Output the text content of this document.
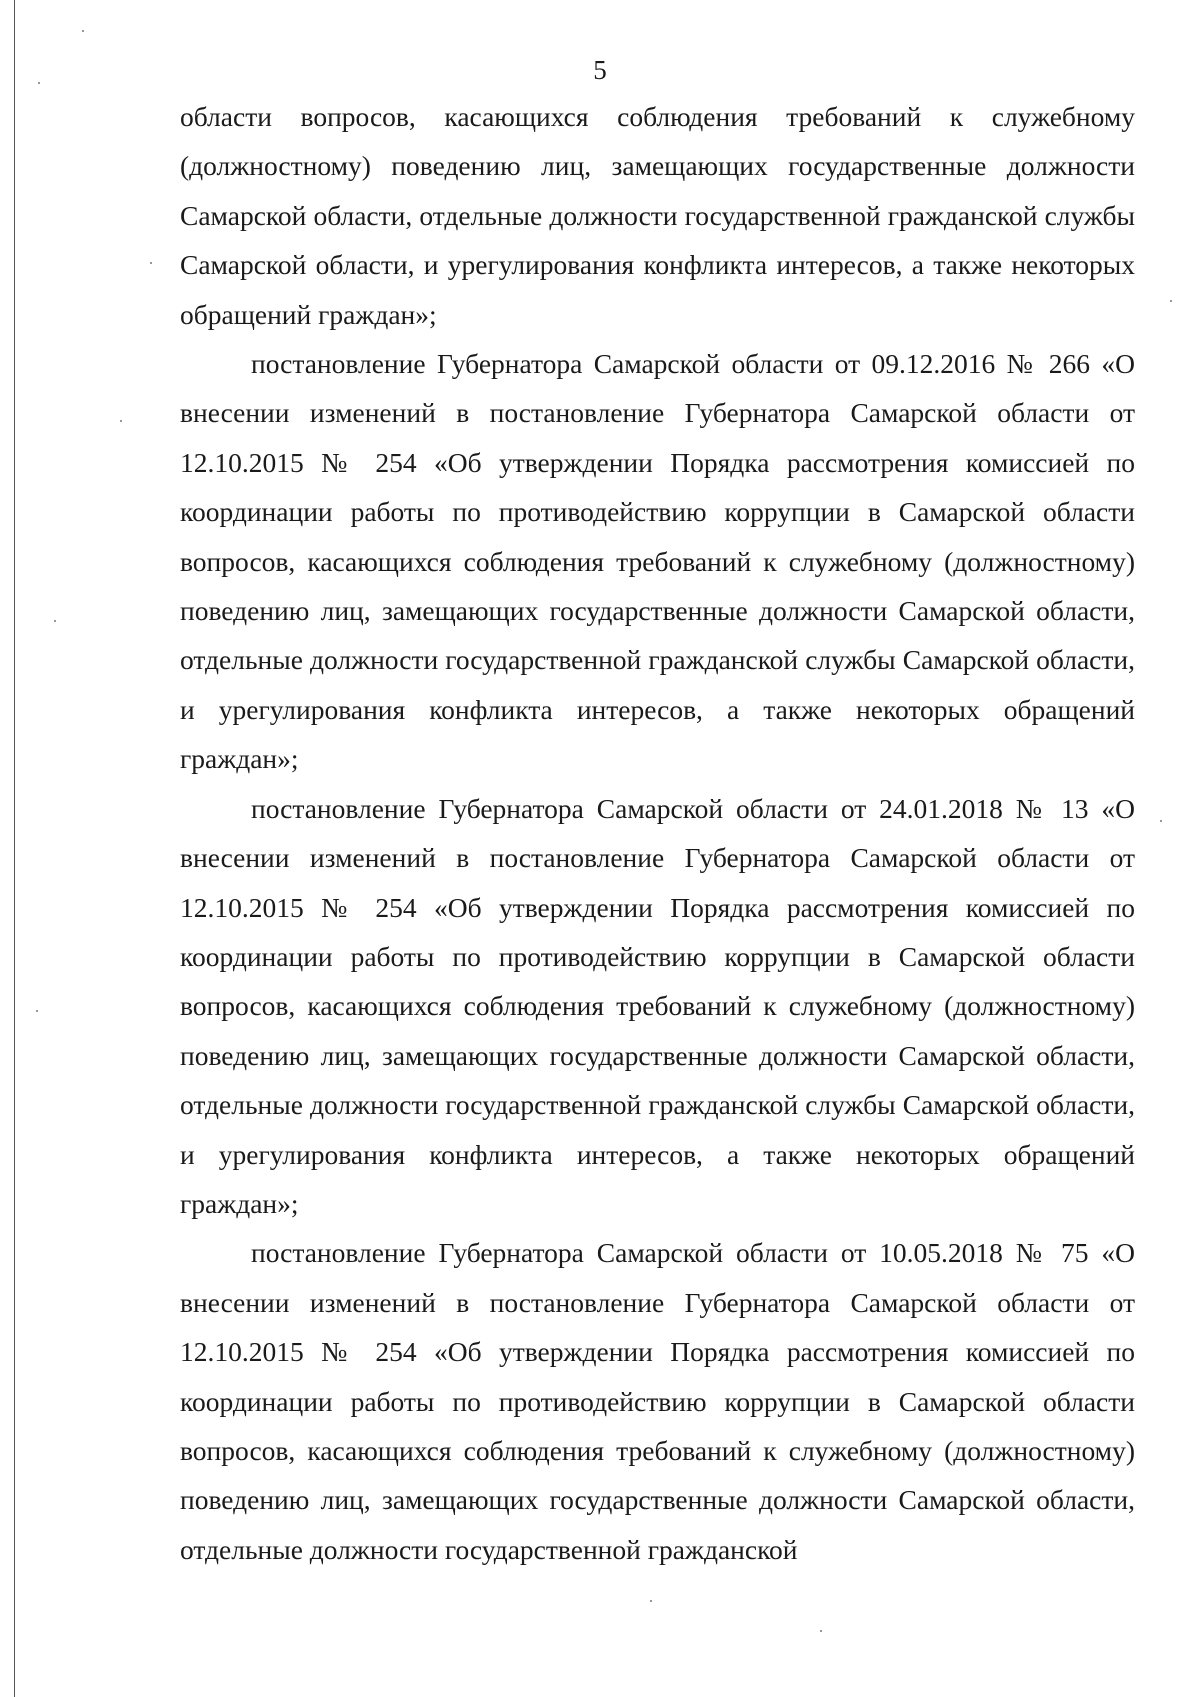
5

области вопросов, касающихся соблюдения требований к служебному (должностному) поведению лиц, замещающих государственные должности Самарской области, отдельные должности государственной гражданской службы Самарской области, и урегулирования конфликта интересов, а также некоторых обращений граждан»;

постановление Губернатора Самарской области от 09.12.2016 № 266 «О внесении изменений в постановление Губернатора Самарской области от 12.10.2015 № 254 «Об утверждении Порядка рассмотрения комиссией по координации работы по противодействию коррупции в Самарской области вопросов, касающихся соблюдения требований к служебному (должностному) поведению лиц, замещающих государственные должности Самарской области, отдельные должности государственной гражданской службы Самарской области, и урегулирования конфликта интересов, а также некоторых обращений граждан»;

постановление Губернатора Самарской области от 24.01.2018 № 13 «О внесении изменений в постановление Губернатора Самарской области от 12.10.2015 № 254 «Об утверждении Порядка рассмотрения комиссией по координации работы по противодействию коррупции в Самарской области вопросов, касающихся соблюдения требований к служебному (должностному) поведению лиц, замещающих государственные должности Самарской области, отдельные должности государственной гражданской службы Самарской области, и урегулирования конфликта интересов, а также некоторых обращений граждан»;

постановление Губернатора Самарской области от 10.05.2018 № 75 «О внесении изменений в постановление Губернатора Самарской области от 12.10.2015 № 254 «Об утверждении Порядка рассмотрения комиссией по координации работы по противодействию коррупции в Самарской области вопросов, касающихся соблюдения требований к служебному (должностному) поведению лиц, замещающих государственные должности Самарской области, отдельные должности государственной гражданской
